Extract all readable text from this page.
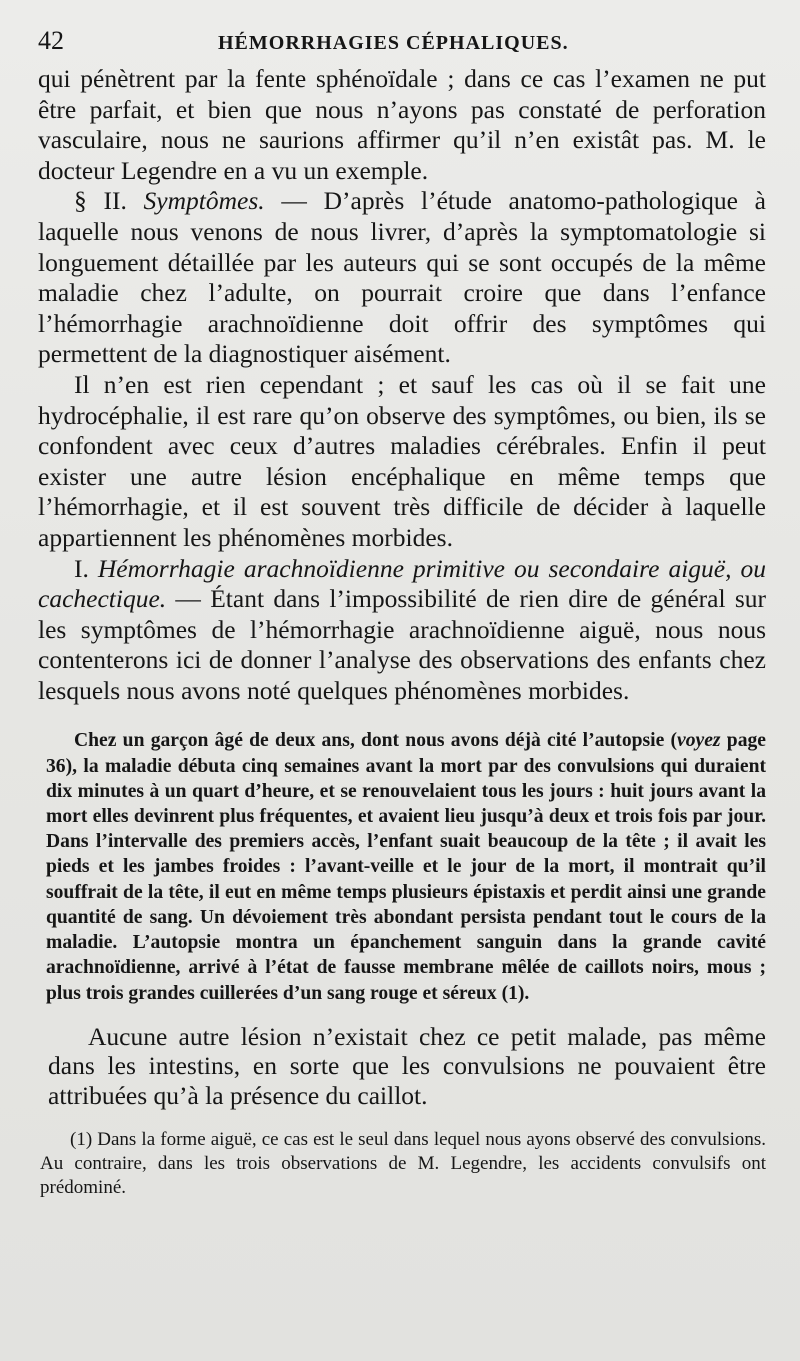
42	HÉMORRHAGIES CÉPHALIQUES.

qui pénètrent par la fente sphénoïdale ; dans ce cas l’examen ne put être parfait, et bien que nous n’ayons pas constaté de perforation vasculaire, nous ne saurions affirmer qu’il n’en existât pas. M. le docteur Legendre en a vu un exemple.

§ II. Symptômes. — D’après l’étude anatomo-pathologique à laquelle nous venons de nous livrer, d’après la symptomatologie si longuement détaillée par les auteurs qui se sont occupés de la même maladie chez l’adulte, on pourrait croire que dans l’enfance l’hémorrhagie arachnoïdienne doit offrir des symptômes qui permettent de la diagnostiquer aisément.

Il n’en est rien cependant ; et sauf les cas où il se fait une hydrocéphalie, il est rare qu’on observe des symptômes, ou bien, ils se confondent avec ceux d’autres maladies cérébrales. Enfin il peut exister une autre lésion encéphalique en même temps que l’hémorrhagie, et il est souvent très difficile de décider à laquelle appartiennent les phénomènes morbides.

I. Hémorrhagie arachnoïdienne primitive ou secondaire aiguë, ou cachectique. — Étant dans l’impossibilité de rien dire de général sur les symptômes de l’hémorrhagie arachnoïdienne aiguë, nous nous contenterons ici de donner l’analyse des observations des enfants chez lesquels nous avons noté quelques phénomènes morbides.

Chez un garçon âgé de deux ans, dont nous avons déjà cité l’autopsie (voyez page 36), la maladie débuta cinq semaines avant la mort par des convulsions qui duraient dix minutes à un quart d’heure, et se renouvelaient tous les jours : huit jours avant la mort elles devinrent plus fréquentes, et avaient lieu jusqu’à deux et trois fois par jour. Dans l’intervalle des premiers accès, l’enfant suait beaucoup de la tête ; il avait les pieds et les jambes froides : l’avant-veille et le jour de la mort, il montrait qu’il souffrait de la tête, il eut en même temps plusieurs épistaxis et perdit ainsi une grande quantité de sang. Un dévoiement très abondant persista pendant tout le cours de la maladie. L’autopsie montra un épanchement sanguin dans la grande cavité arachnoïdienne, arrivé à l’état de fausse membrane mêlée de caillots noirs, mous ; plus trois grandes cuillerées d’un sang rouge et séreux (1).
Aucune autre lésion n’existait chez ce petit malade, pas même dans les intestins, en sorte que les convulsions ne pouvaient être attribuées qu’à la présence du caillot.
(1) Dans la forme aiguë, ce cas est le seul dans lequel nous ayons observé des convulsions. Au contraire, dans les trois observations de M. Legendre, les accidents convulsifs ont prédominé.
